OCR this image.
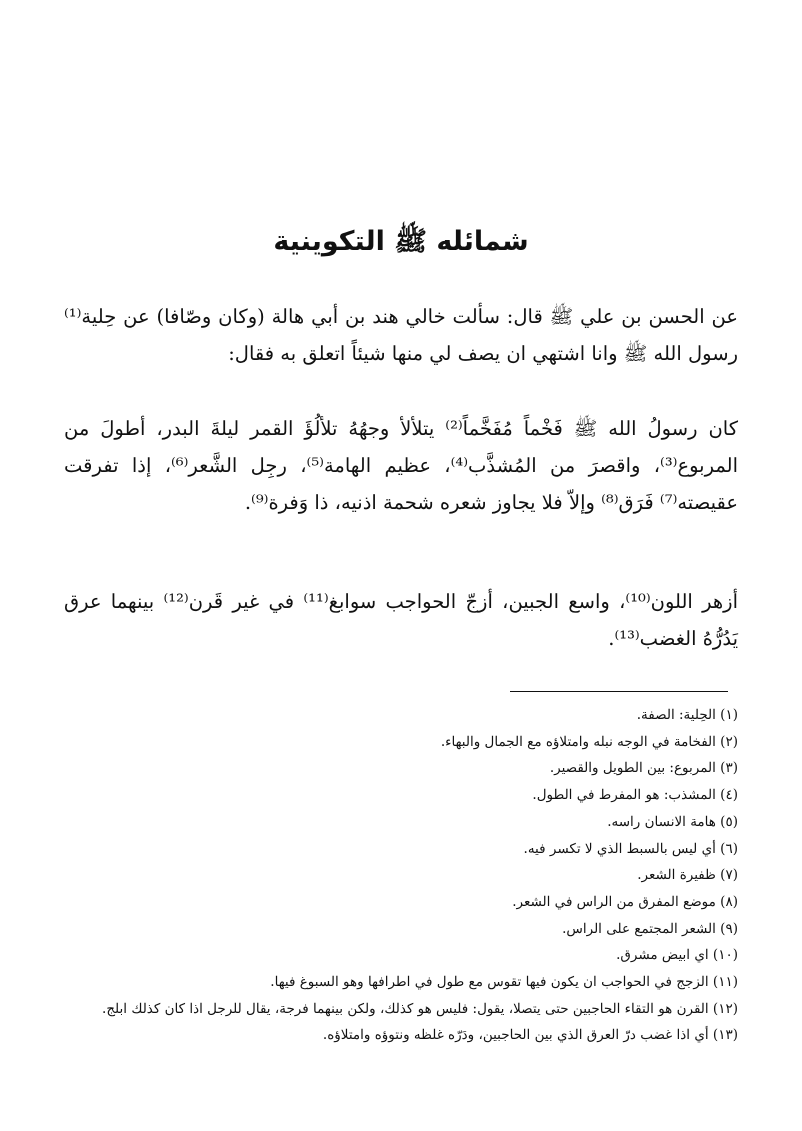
شمائله ﷺ التكوينية

عن الحسن بن علي ﷺ قال: سألت خالي هند بن أبي هالة (وكان وصّافا) عن حِلية⁽¹⁾ رسول الله ﷺ وانا اشتهي ان يصف لي منها شيئاً اتعلق به فقال:

كان رسولُ الله ﷺ فَخْماً مُفَخَّماً⁽²⁾ يتلألأ وجهُهُ تلألُؤَ القمر ليلةَ البدر، أطولَ من المربوع⁽³⁾، واقصرَ من المُشذَّب⁽⁴⁾، عظيم الهامة⁽⁵⁾، رجِل الشَّعر⁽⁶⁾، إذا تفرقت عقيصته⁽⁷⁾ فَرَق⁽⁸⁾ وإلاّ فلا يجاوز شعره شحمة اذنيه، ذا وَفرة⁽⁹⁾.

أزهر اللون⁽¹⁰⁾، واسع الجبين، أزجّ الحواجب سوابغ⁽¹¹⁾ في غير قَرن⁽¹²⁾ بينهما عرق يَدُرُّهُ الغضب⁽¹³⁾.

(١) الحِلية: الصفة.
(٢) الفخامة في الوجه نبله وامتلاؤه مع الجمال والبهاء.
(٣) المربوع: بين الطويل والقصير.
(٤) المشذب: هو المفرط في الطول.
(٥) هامة الانسان راسه.
(٦) أي ليس بالسبط الذي لا تكسر فيه.
(٧) ظفيرة الشعر.
(٨) موضع المفرق من الراس في الشعر.
(٩) الشعر المجتمع على الراس.
(١٠) اي ابيض مشرق.
(١١) الزجج في الحواجب ان يكون فيها تقوس مع طول في اطرافها وهو السبوغ فيها.
(١٢) القرن هو التقاء الحاجبين حتى يتصلا، يقول: فليس هو كذلك، ولكن بينهما فرجة، يقال للرجل اذا كان كذلك ابلج.
(١٣) أي اذا غضب درّ العرق الذي بين الحاجبين، ودَرّه غلظه ونتوؤه وامتلاؤه.
